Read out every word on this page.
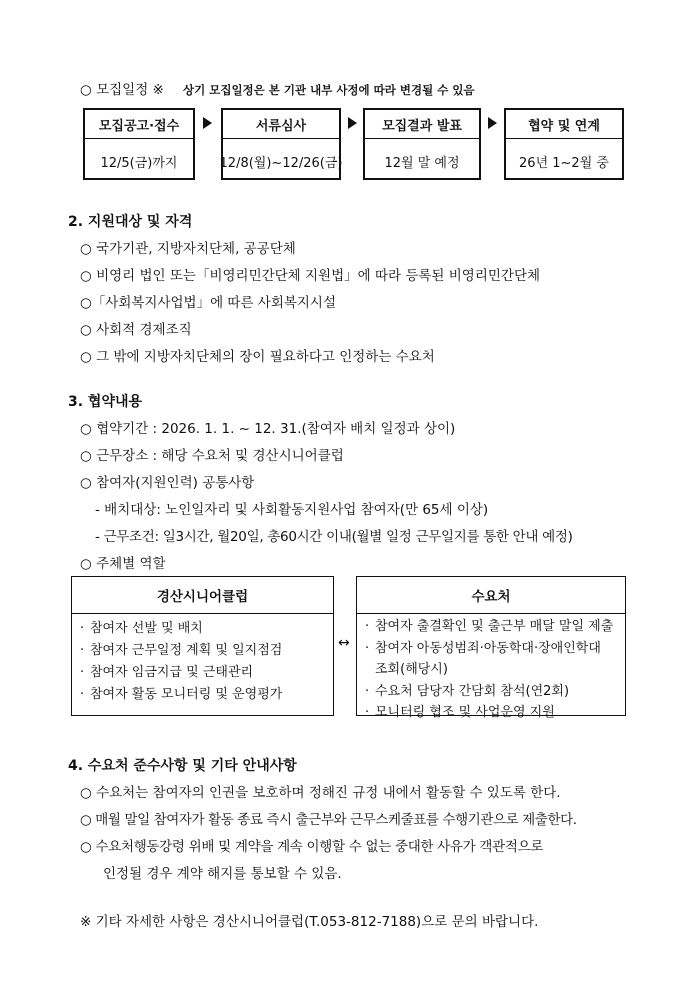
○ 모집일정 ※ 상기 모집일정은 본 기관 내부 사정에 따라 변경될 수 있음
모집공고·접수
12/5(금)까지
서류심사
12/8(월)~12/26(금)
모집결과 발표
12월 말 예정
협약 및 연계
26년 1~2월 중
2. 지원대상 및 자격
○ 국가기관, 지방자치단체, 공공단체
○ 비영리 법인 또는「비영리민간단체 지원법」에 따라 등록된 비영리민간단체
○「사회복지사업법」에 따른 사회복지시설
○ 사회적 경제조직
○ 그 밖에 지방자치단체의 장이 필요하다고 인정하는 수요처
3. 협약내용
○ 협약기간 : 2026. 1. 1. ~ 12. 31.(참여자 배치 일정과 상이)
○ 근무장소 : 해당 수요처 및 경산시니어클럽
○ 참여자(지원인력) 공통사항
- 배치대상: 노인일자리 및 사회활동지원사업 참여자(만 65세 이상)
- 근무조건: 일3시간, 월20일, 총60시간 이내(월별 일정 근무일지를 통한 안내 예정)
○ 주체별 역할
경산시니어클럽
· 참여자 선발 및 배치
· 참여자 근무일정 계획 및 일지점검
· 참여자 임금지급 및 근태관리
· 참여자 활동 모니터링 및 운영평가
↔
수요처
· 참여자 출결확인 및 출근부 매달 말일 제출
· 참여자 아동성범죄·아동학대·장애인학대
조회(해당시)
· 수요처 담당자 간담회 참석(연2회)
· 모니터링 협조 및 사업운영 지원
4. 수요처 준수사항 및 기타 안내사항
○ 수요처는 참여자의 인권을 보호하며 정해진 규정 내에서 활동할 수 있도록 한다.
○ 매월 말일 참여자가 활동 종료 즉시 출근부와 근무스케줄표를 수행기관으로 제출한다.
○ 수요처행동강령 위배 및 계약을 계속 이행할 수 없는 중대한 사유가 객관적으로
인정될 경우 계약 해지를 통보할 수 있음.
※ 기타 자세한 사항은 경산시니어클럽(T.053-812-7188)으로 문의 바랍니다.
